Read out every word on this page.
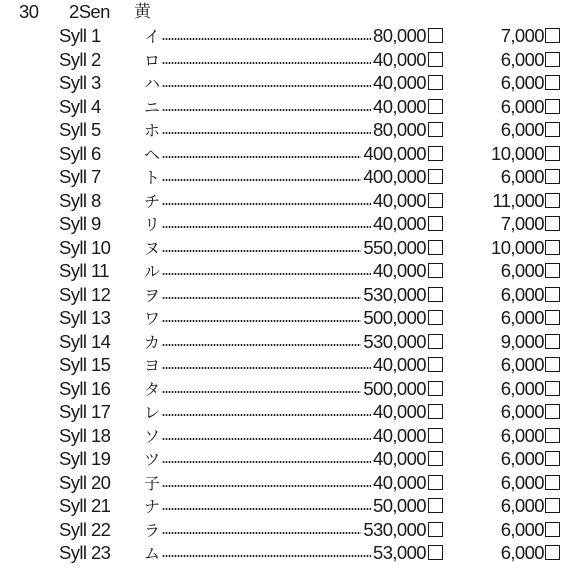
30 2Sen 黄
Syll 1	イ	80,000	7,000
Syll 2	ロ	40,000	6,000
Syll 3	ハ	40,000	6,000
Syll 4	ニ	40,000	6,000
Syll 5	ホ	80,000	6,000
Syll 6	ヘ	400,000	10,000
Syll 7	ト	400,000	6,000
Syll 8	チ	40,000	11,000
Syll 9	リ	40,000	7,000
Syll 10 ヌ	550,000	10,000
Syll 11 ル	40,000	6,000
Syll 12 ヲ	530,000	6,000
Syll 13 ワ	500,000	6,000
Syll 14 カ	530,000	9,000
Syll 15 ヨ	40,000	6,000
Syll 16 タ	500,000	6,000
Syll 17 レ	40,000	6,000
Syll 18 ソ	40,000	6,000
Syll 19 ツ	40,000	6,000
Syll 20 子	40,000	6,000
Syll 21 ナ	50,000	6,000
Syll 22 ラ	530,000	6,000
Syll 23 ム	53,000	6,000
